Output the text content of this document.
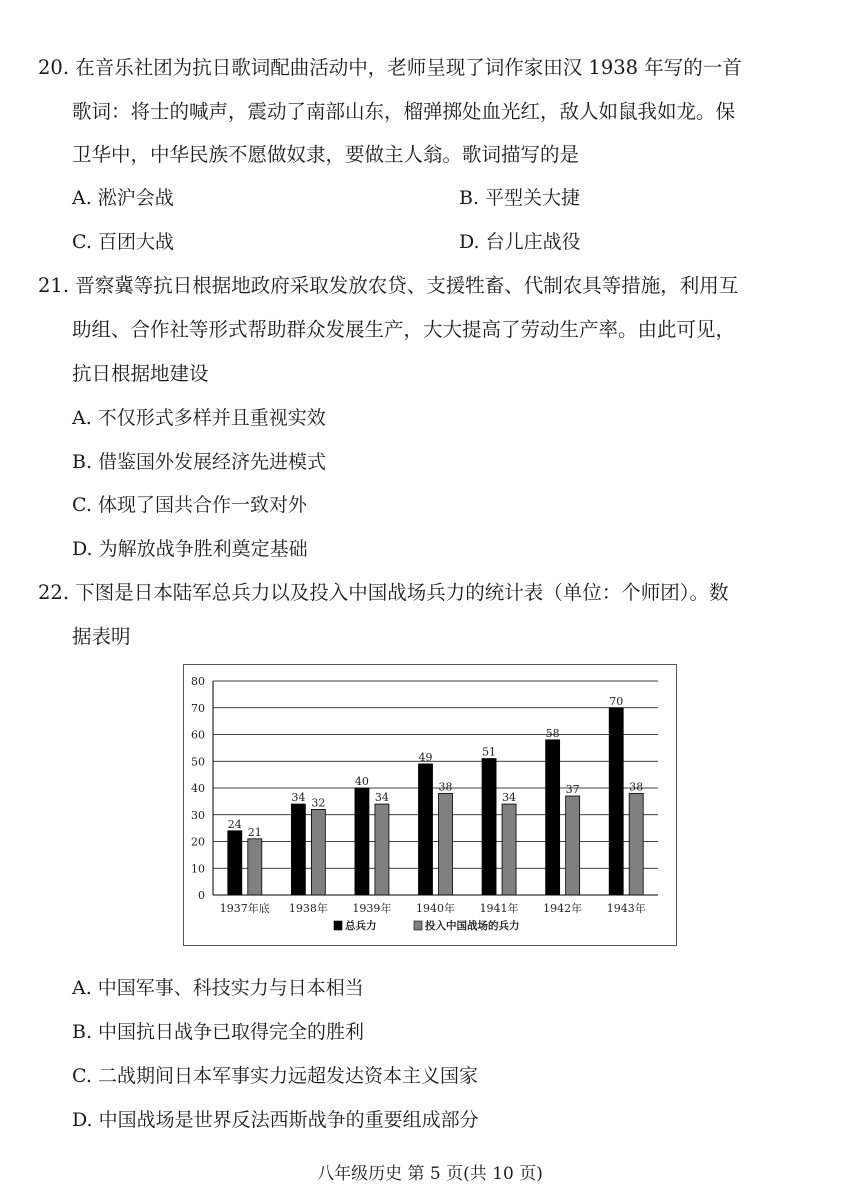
20. 在音乐社团为抗日歌词配曲活动中，老师呈现了词作家田汉 1938 年写的一首
歌词：将士的喊声，震动了南部山东，榴弹掷处血光红，敌人如鼠我如龙。保
卫华中，中华民族不愿做奴隶，要做主人翁。歌词描写的是
A. 淞沪会战	B. 平型关大捷
C. 百团大战	D. 台儿庄战役
21. 晋察冀等抗日根据地政府采取发放农贷、支援牲畜、代制农具等措施，利用互
助组、合作社等形式帮助群众发展生产，大大提高了劳动生产率。由此可见，
抗日根据地建设
A. 不仅形式多样并且重视实效
B. 借鉴国外发展经济先进模式
C. 体现了国共合作一致对外
D. 为解放战争胜利奠定基础
22. 下图是日本陆军总兵力以及投入中国战场兵力的统计表（单位：个师团）。数
据表明
0
10
20
30
40
50
60
70
80
24
21
1937年底
34 32
1938年
40
34
1939年
49
38
1940年
51
34
1941年
58
37
1942年
70
38
1943年
总兵力	投入中国战场的兵力
A. 中国军事、科技实力与日本相当
B. 中国抗日战争已取得完全的胜利
C. 二战期间日本军事实力远超发达资本主义国家
D. 中国战场是世界反法西斯战争的重要组成部分
八年级历史 第 5 页(共 10 页)
